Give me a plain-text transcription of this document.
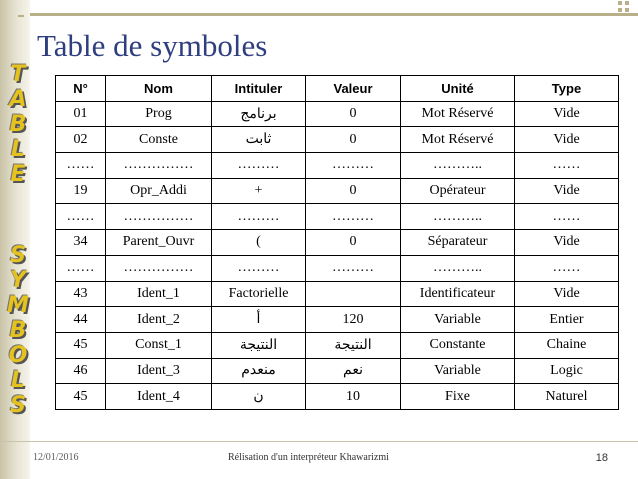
Table de symboles
T
A
B
L
E
S
Y
M
B
O
L
S
N°	Nom	Intituler	Valeur	Unité	Type
01	Prog	برنامج	0	Mot Réservé	Vide
02	Conste	ثابت	0	Mot Réservé	Vide
……	……………	………	………	………..	……
19	Opr_Addi	+	0	Opérateur	Vide
……	……………	………	………	………..	……
34	Parent_Ouvr	(	0	Séparateur	Vide
……	……………	………	………	………..	……
43	Ident_1	Factorielle		Identificateur	Vide
44	Ident_2	أ	120	Variable	Entier
45	Const_1	النتيجة	النتيجة	Constante	Chaine
46	Ident_3	منعدم	نعم	Variable	Logic
45	Ident_4	ن	10	Fixe	Naturel
12/01/2016	Rélisation d'un interpréteur Khawarizmi	18
